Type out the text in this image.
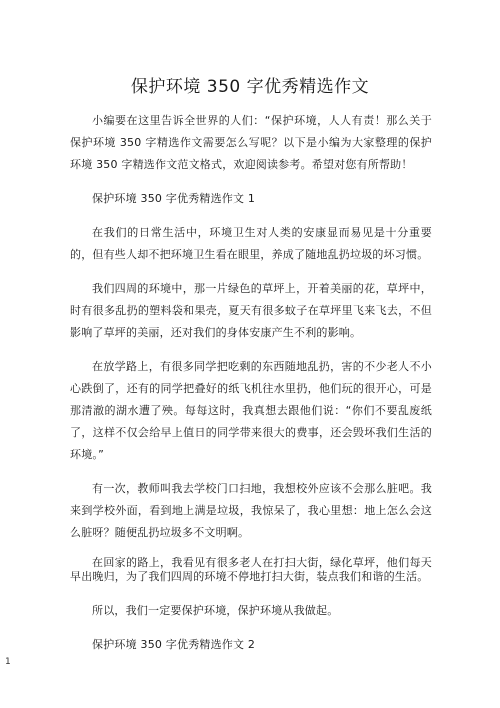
保护环境 350 字优秀精选作文

小编要在这里告诉全世界的人们：“保护环境，人人有责！那么关于保护环境 350 字精选作文需要怎么写呢？以下是小编为大家整理的保护环境 350 字精选作文范文格式，欢迎阅读参考。希望对您有所帮助！

保护环境 350 字优秀精选作文 1

在我们的日常生活中，环境卫生对人类的安康显而易见是十分重要的，但有些人却不把环境卫生看在眼里，养成了随地乱扔垃圾的坏习惯。

我们四周的环境中，那一片绿色的草坪上，开着美丽的花，草坪中，时有很多乱扔的塑料袋和果壳，夏天有很多蚊子在草坪里飞来飞去，不但影响了草坪的美丽，还对我们的身体安康产生不利的影响。

在放学路上，有很多同学把吃剩的东西随地乱扔，害的不少老人不小心跌倒了，还有的同学把叠好的纸飞机往水里扔，他们玩的很开心，可是那清澈的湖水遭了殃。每每这时，我真想去跟他们说：“你们不要乱废纸了，这样不仅会给早上值日的同学带来很大的费事，还会毁坏我们生活的环境。”

有一次，教师叫我去学校门口扫地，我想校外应该不会那么脏吧。我来到学校外面，看到地上满是垃圾，我惊呆了，我心里想：地上怎么会这么脏呀？随便乱扔垃圾多不文明啊。

在回家的路上，我看见有很多老人在打扫大街，绿化草坪，他们每天早出晚归，为了我们四周的环境不停地打扫大街，装点我们和谐的生活。

所以，我们一定要保护环境，保护环境从我做起。

保护环境 350 字优秀精选作文 2

1
